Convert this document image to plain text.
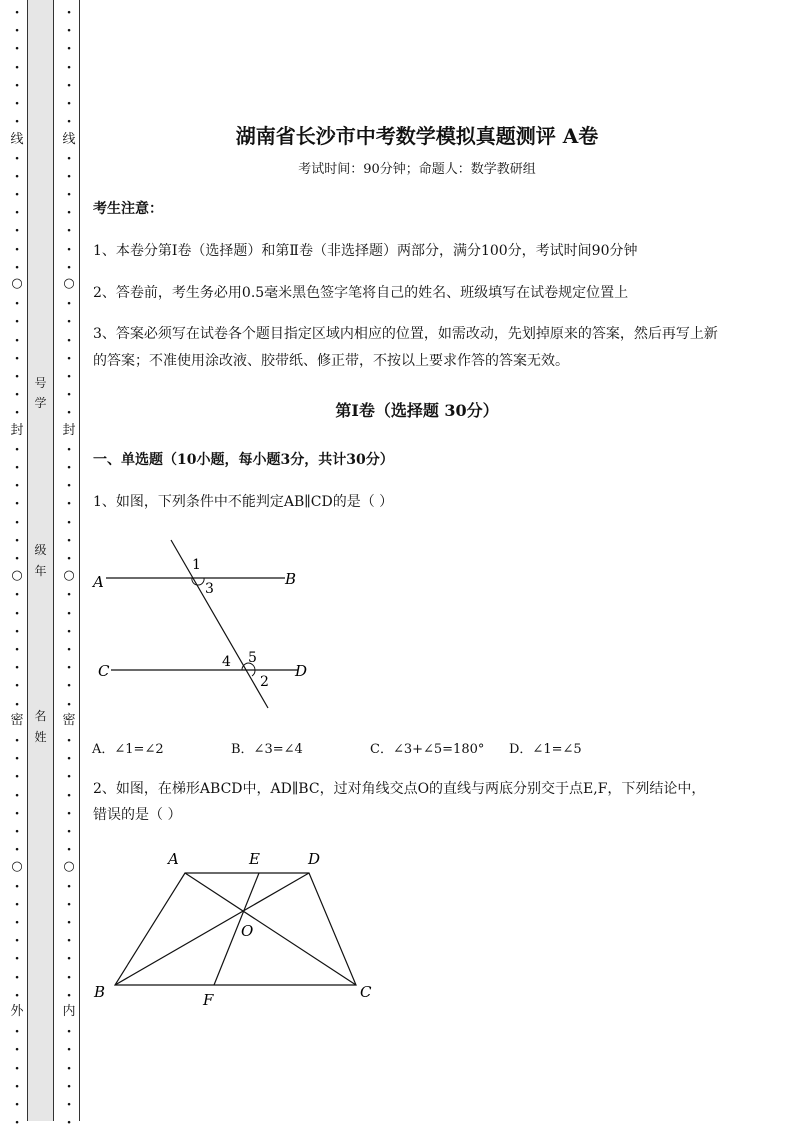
线
○
封
○
密
○
外
·
·
·
·
·
·
·
·
·
·
·
·
·
·
·
·
·
·
·
·
·
·
·
·
·
·
·
·
·
·
·
·
·
·
·
·
·
·
·
·
·
·
·
·
·
·
·
·
·
·
·
·
·
·
·
线
○
封
○
密
○
内
·
·
·
·
·
·
·
·
·
·
·
·
·
·
·
·
·
·
·
·
·
·
·
·
·
·
·
·
·
·
·
·
·
·
·
·
·
·
·
·
·
·
·
·
·
·
·
·
·
·
·
·
·
·
·
号
学
级
年
名
姓
湖南省长沙市中考数学模拟真题测评 A卷
考试时间：90分钟；命题人：数学教研组
考生注意：
1、本卷分第I卷（选择题）和第Ⅱ卷（非选择题）两部分，满分100分，考试时间90分钟
2、答卷前，考生务必用0.5毫米黑色签字笔将自己的姓名、班级填写在试卷规定位置上
3、答案必须写在试卷各个题目指定区域内相应的位置，如需改动，先划掉原来的答案，然后再写上新
的答案；不准使用涂改液、胶带纸、修正带，不按以上要求作答的答案无效。
第I卷（选择题 30分）
一、单选题（10小题，每小题3分，共计30分）
1、如图，下列条件中不能判定AB∥CD的是（ ）
A	B
C	D
1
3
4 5
2
A．∠1=∠2	B．∠3=∠4	C．∠3+∠5=180° D．∠1=∠5
2、如图，在梯形ABCD中，AD∥BC，过对角线交点O的直线与两底分别交于点E,F，下列结论中，
错误的是（ ）
A	E	D
O
B	F	C
